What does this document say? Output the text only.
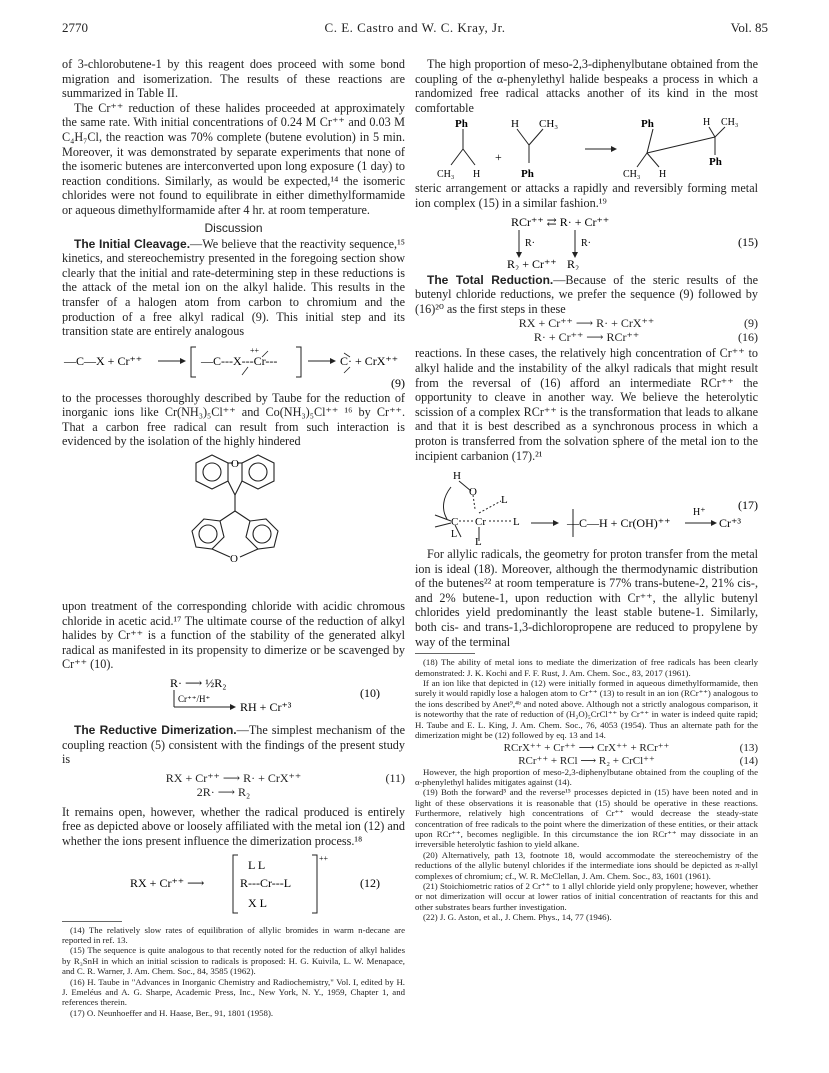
2770	C. E. Castro and W. C. Kray, Jr.	Vol. 85

of 3-chlorobutene-1 by this reagent does proceed with some bond migration and isomerization. The results of these reactions are summarized in Table II.

The Cr⁺⁺ reduction of these halides proceeded at approximately the same rate. With initial concentrations of 0.24 M Cr⁺⁺ and 0.03 M C₄H₇Cl, the reaction was 70% complete (butene evolution) in 5 min. Moreover, it was demonstrated by separate experiments that none of the isomeric butenes are interconverted upon long exposure (1 day) to reaction conditions. Similarly, as would be expected,¹⁴ the isomeric chlorides were not found to equilibrate in either dimethylformamide or aqueous dimethylformamide after 4 hr. at room temperature.

Discussion

The Initial Cleavage.—We believe that the reactivity sequence,¹⁵ kinetics, and stereochemistry presented in the foregoing section show clearly that the initial and rate-determining step in these reductions is the attack of the metal ion on the alkyl halide. This results in the transfer of a halogen atom from carbon to chromium and the production of a free alkyl radical (9). This initial step and its transition state are entirely analogous

—C—X + Cr⁺⁺	—C---X---Cr---
++
C· + CrX⁺⁺
(9)

to the processes thoroughly described by Taube for the reduction of inorganic ions like Cr(NH₃)₅Cl⁺⁺ and Co(NH₃)₅Cl⁺⁺ ¹⁶ by Cr⁺⁺. That a carbon free radical can result from such interaction is evidenced by the isolation of the highly hindered

O
O

upon treatment of the corresponding chloride with acidic chromous chloride in acetic acid.¹⁷ The ultimate course of the reduction of alkyl halides by Cr⁺⁺ is a function of the stability of the generated alkyl radical as manifested in its propensity to dimerize or be scavenged by Cr⁺⁺ (10).

R· ⟶ ½R₂
Cr⁺⁺/H⁺
RH + Cr⁺³
(10)

The Reductive Dimerization.—The simplest mechanism of the coupling reaction (5) consistent with the findings of the present study is

RX + Cr⁺⁺ ⟶ R· + CrX⁺⁺
2R· ⟶ R₂
(11)

It remains open, however, whether the radical produced is entirely free as depicted above or loosely affiliated with the metal ion (12) and whether the ions present influence the dimerization process.¹⁸

RX + Cr⁺⁺ ⟶
L L
R---Cr---L
X L
++
(12)

(14) The relatively slow rates of equilibration of allylic bromides in warm n-decane are reported in ref. 13.

(15) The sequence is quite analogous to that recently noted for the reduction of alkyl halides by R₃SnH in which an initial scission to radicals is proposed: H. G. Kuivila, L. W. Menapace, and C. R. Warner, J. Am. Chem. Soc., 84, 3585 (1962).

(16) H. Taube in "Advances in Inorganic Chemistry and Radiochemistry," Vol. I, edited by H. J. Emeléus and A. G. Sharpe, Academic Press, Inc., New York, N. Y., 1959, Chapter 1, and references therein.

(17) O. Neunhoeffer and H. Haase, Ber., 91, 1801 (1958).

The high proportion of meso-2,3-diphenylbutane obtained from the coupling of the α-phenylethyl halide bespeaks a process in which a randomized free radical attacks another of its kind in the most comfortable

Ph
CH₃ H
H CH₃
+
Ph
Ph
CH₃ H
H CH₃
Ph

steric arrangement or attacks a rapidly and reversibly forming metal ion complex (15) in a similar fashion.¹⁹

RCr⁺⁺ ⇄ R· + Cr⁺⁺
R·	R·
R₂ + Cr⁺⁺ R₂
(15)

The Total Reduction.—Because of the steric results of the butenyl chloride reductions, we prefer the sequence (9) followed by (16)²⁰ as the first steps in these

RX + Cr⁺⁺ ⟶ R· + CrX⁺⁺	(9)
R· + Cr⁺⁺ ⟶ RCr⁺⁺	(16)

reactions. In these cases, the relatively high concentration of Cr⁺⁺ to alkyl halide and the instability of the alkyl radicals that might result from the reversal of (16) afford an intermediate RCr⁺⁺ the opportunity to cleave in another way. We believe the heterolytic scission of a complex RCr⁺⁺ is the transformation that leads to alkane and that it is best described as a synchronous process in which a proton is transferred from the solvation sphere of the metal ion to the incipient carbanion (17).²¹

H
O
L
C Cr L
L
L
—C—H + Cr(OH)⁺⁺
H⁺
Cr⁺³
(17)

For allylic radicals, the geometry for proton transfer from the metal ion is ideal (18). Moreover, although the thermodynamic distribution of the butenes²² at room temperature is 77% trans-butene-2, 21% cis-, and 2% butene-1, upon reduction with Cr⁺⁺, the allylic butenyl chlorides yield predominantly the least stable butene-1. Similarly, both cis- and trans-1,3-dichloropropene are reduced to propylene by way of the terminal

(18) The ability of metal ions to mediate the dimerization of free radicals has been clearly demonstrated: J. K. Kochi and F. F. Rust, J. Am. Chem. Soc., 83, 2017 (1961).

If an ion like that depicted in (12) were initially formed in aqueous dimethylformamide, then surely it would rapidly lose a halogen atom to Cr⁺⁺ (13) to result in an ion (RCr⁺⁺) analogous to the ions described by Anet⁹,⁴ᵇ and noted above. Although not a strictly analogous comparison, it is noteworthy that the rate of reduction of (H₂O)₅CrCl⁺⁺ by Cr⁺⁺ in water is indeed quite rapid; H. Taube and E. L. King, J. Am. Chem. Soc., 76, 4053 (1954). Thus an alternate path for the dimerization might be (12) followed by eq. 13 and 14.

RCrX⁺⁺ + Cr⁺⁺ ⟶ CrX⁺⁺ + RCr⁺⁺	(13)
RCr⁺⁺ + RCl ⟶ R₂ + CrCl⁺⁺	(14)

However, the high proportion of meso-2,3-diphenylbutane obtained from the coupling of the α-phenylethyl halides mitigates against (14).

(19) Both the forward⁵ and the reverse¹⁵ processes depicted in (15) have been noted and in light of these observations it is reasonable that (15) should be operative in these reactions. Furthermore, relatively high concentrations of Cr⁺⁺ would decrease the steady-state concentration of free radicals to the point where the dimerization of these entities, or their attack upon RCr⁺⁺, becomes negligible. In this circumstance the ion RCr⁺⁺ may dissociate in an irreversible heterolytic fashion to yield alkane.

(20) Alternatively, path 13, footnote 18, would accommodate the stereochemistry of the reductions of the allylic butenyl chlorides if the intermediate ions should be depicted as π-allyl complexes of chromium; cf., W. R. McClellan, J. Am. Chem. Soc., 83, 1601 (1961).

(21) Stoichiometric ratios of 2 Cr⁺⁺ to 1 allyl chloride yield only propylene; however, whether or not dimerization will occur at lower ratios of initial concentration of reactants for this and other substrates bears further investigation.

(22) J. G. Aston, et al., J. Chem. Phys., 14, 77 (1946).
